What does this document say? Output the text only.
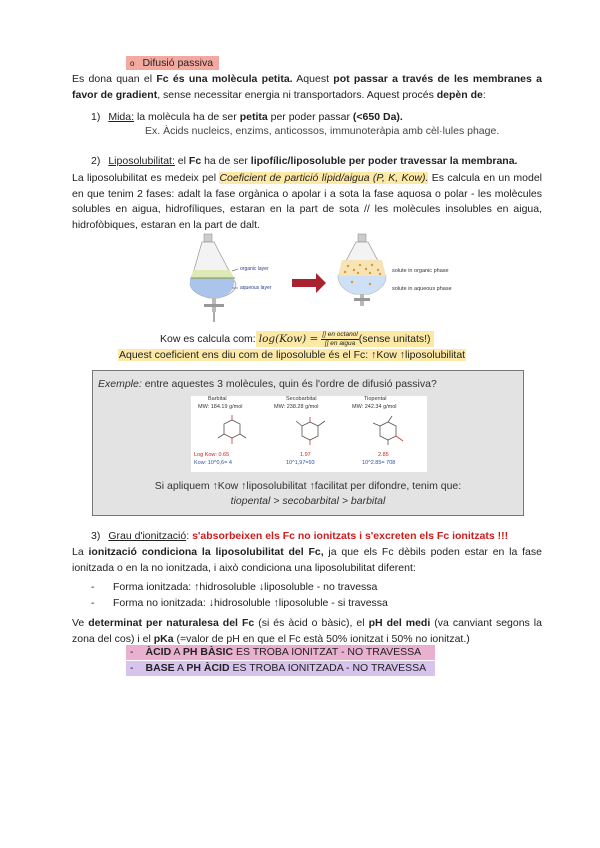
o Difusió passiva
Es dona quan el Fc és una molècula petita. Aquest pot passar a través de les membranes a favor de gradient, sense necessitar energia ni transportadors. Aquest procés depèn de:
1) Mida: la molècula ha de ser petita per poder passar (<650 Da).
Ex. Àcids nucleics, enzims, anticossos, immunoteràpia amb cèl·lules phage.
2) Liposolubilitat: el Fc ha de ser lipofílic/liposoluble per poder travessar la membrana.
La liposolubilitat es medeix pel Coeficient de partició lípid/aigua (P, K, Kow). Es calcula en un model en que tenim 2 fases: adalt la fase orgànica o apolar i a sota la fase aquosa o polar - les molècules solubles en aigua, hidrofíliques, estaran en la part de sota // les molècules insolubles en aigua, hidrofòbiques, estaran en la part de dalt.
organic layer
aqueous layer
solute in organic phase
solute in aqueous phase
Kow es calcula com: log(Kow) = [] en octanol
[] en aigua (sense unitats!)
Aquest coeficient ens diu com de liposoluble és el Fc: ↑Kow ↑liposolubilitat
Exemple: entre aquestes 3 molècules, quin és l'ordre de difusió passiva?
Barbital
MW: 184.19 g/mol
Log Kow: 0.65
Kow: 10^0,6= 4
Secobarbital
MW: 238.28 g/mol
1.97
10^1,97=93
Tiopental
MW: 242.34 g/mol
2.85
10^2.85= 708
Si apliquem ↑Kow ↑liposolubilitat ↑facilitat per difondre, tenim que:
tiopental > secobarbital > barbital
3) Grau d'ionització: s'absorbeixen els Fc no ionitzats i s'excreten els Fc ionitzats !!!
La ionització condiciona la liposolubilitat del Fc, ja que els Fc dèbils poden estar en la fase ionitzada o en la no ionitzada, i això condiciona una liposolubilitat diferent:
- Forma ionitzada: ↑hidrosoluble ↓liposoluble - no travessa
- Forma no ionitzada: ↓hidrosoluble ↑liposoluble - si travessa
Ve determinat per naturalesa del Fc (si és àcid o bàsic), el pH del medi (va canviant segons la zona del cos) i el pKa (=valor de pH en que el Fc està 50% ionitzat i 50% no ionitzat.)
- ÀCID A PH BÀSIC ES TROBA IONITZAT - NO TRAVESSA
- BASE A PH ÀCID ES TROBA IONITZADA - NO TRAVESSA
